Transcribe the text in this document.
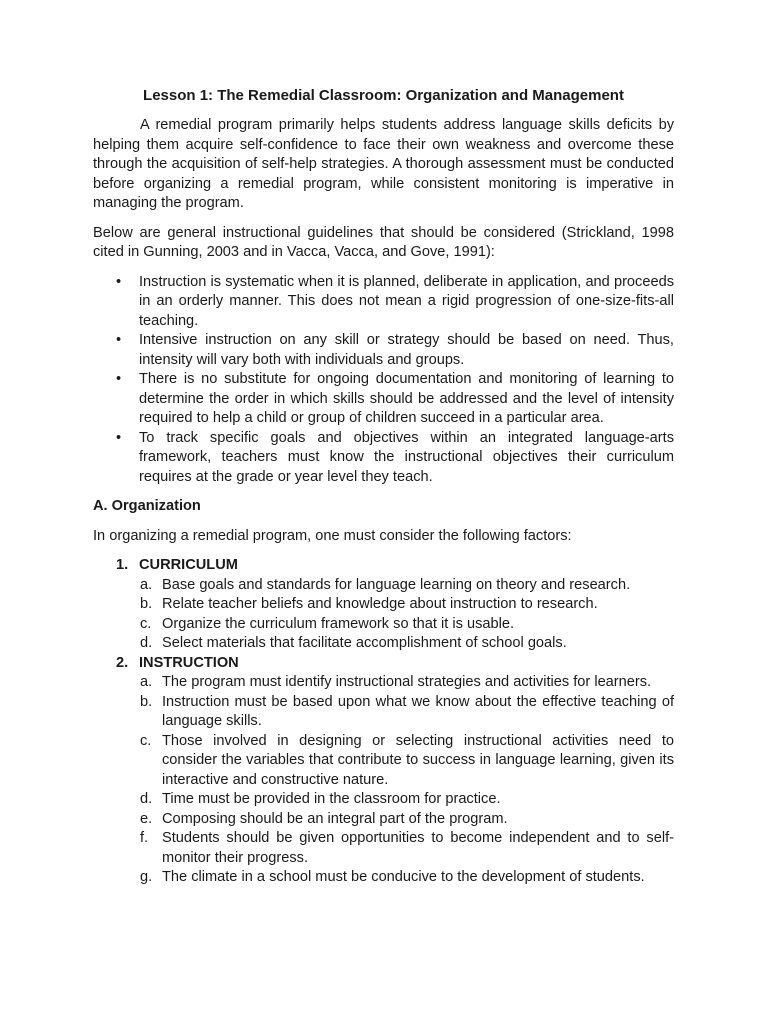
Lesson 1: The Remedial Classroom: Organization and Management
A remedial program primarily helps students address language skills deficits by helping them acquire self-confidence to face their own weakness and overcome these through the acquisition of self-help strategies. A thorough assessment must be conducted before organizing a remedial program, while consistent monitoring is imperative in managing the program.
Below are general instructional guidelines that should be considered (Strickland, 1998 cited in Gunning, 2003 and in Vacca, Vacca, and Gove, 1991):
• Instruction is systematic when it is planned, deliberate in application, and proceeds in an orderly manner. This does not mean a rigid progression of one-size-fits-all teaching.
• Intensive instruction on any skill or strategy should be based on need. Thus, intensity will vary both with individuals and groups.
• There is no substitute for ongoing documentation and monitoring of learning to determine the order in which skills should be addressed and the level of intensity required to help a child or group of children succeed in a particular area.
• To track specific goals and objectives within an integrated language-arts framework, teachers must know the instructional objectives their curriculum requires at the grade or year level they teach.
A. Organization
In organizing a remedial program, one must consider the following factors:
1. CURRICULUM
a. Base goals and standards for language learning on theory and research.
b. Relate teacher beliefs and knowledge about instruction to research.
c. Organize the curriculum framework so that it is usable.
d. Select materials that facilitate accomplishment of school goals.
2. INSTRUCTION
a. The program must identify instructional strategies and activities for learners.
b. Instruction must be based upon what we know about the effective teaching of language skills.
c. Those involved in designing or selecting instructional activities need to consider the variables that contribute to success in language learning, given its interactive and constructive nature.
d. Time must be provided in the classroom for practice.
e. Composing should be an integral part of the program.
f. Students should be given opportunities to become independent and to self-monitor their progress.
g. The climate in a school must be conducive to the development of students.
